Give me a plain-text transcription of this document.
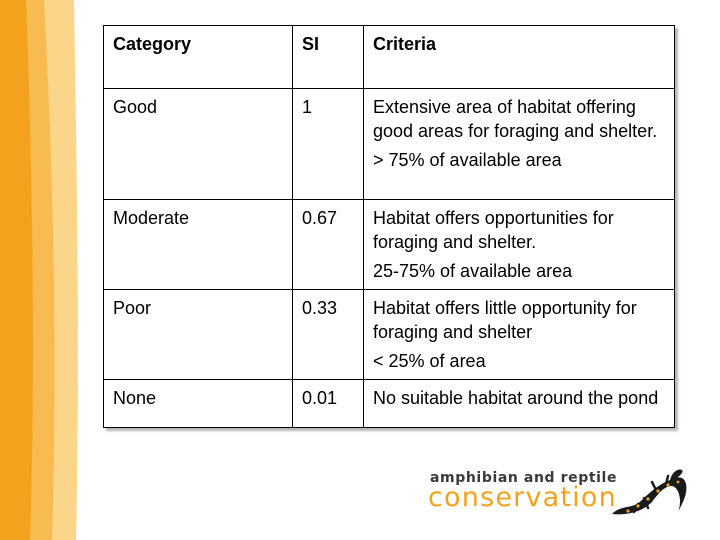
Category	SI	Criteria
Good	1	Extensive area of habitat offering good areas for foraging and shelter.
> 75% of available area

Moderate	0.67	Habitat offers opportunities for foraging and shelter.
25-75% of available area

Poor	0.33	Habitat offers little opportunity for foraging and shelter
< 25% of area

None	0.01	No suitable habitat around the pond
amphibian and reptile
conservation
